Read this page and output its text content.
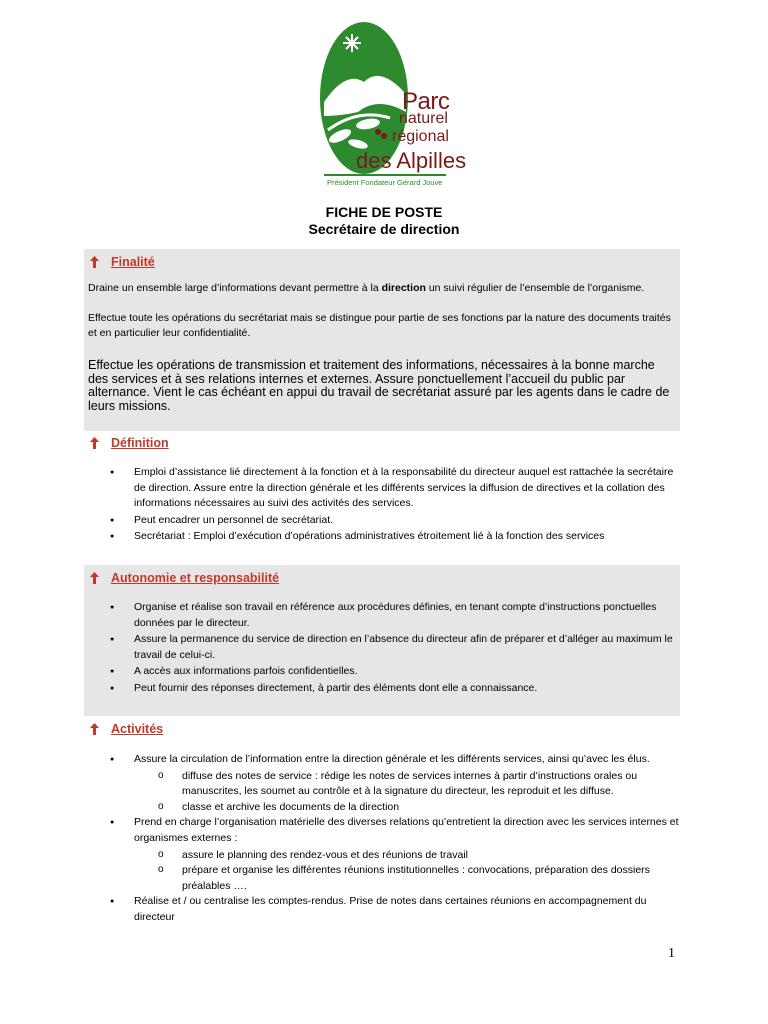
Parc
naturel
régional
des Alpilles
Président Fondateur Gérard Jouve
FICHE DE POSTE
Secrétaire de direction
Finalité
Draine un ensemble large d’informations devant permettre à la direction un suivi régulier de l’ensemble de l’organisme.
Effectue toute les opérations du secrétariat mais se distingue pour partie de ses fonctions par la nature des documents traités et en particulier leur confidentialité.
Effectue les opérations de transmission et traitement des informations, nécessaires à la bonne marche des services et à ses relations internes et externes. Assure ponctuellement l’accueil du public par alternance. Vient le cas échéant en appui du travail de secrétariat assuré par les agents dans le cadre de leurs missions.
Définition
● Emploi d’assistance lié directement à la fonction et à la responsabilité du directeur auquel est rattachée la secrétaire de direction. Assure entre la direction générale et les différents services la diffusion de directives et la collation des informations nécessaires au suivi des activités des services.
● Peut encadrer un personnel de secrétariat.
● Secrétariat : Emploi d’exécution d’opérations administratives étroitement lié à la fonction des services
Autonomie et responsabilité
● Organise et réalise son travail en référence aux procédures définies, en tenant compte d’instructions ponctuelles données par le directeur.
● Assure la permanence du service de direction en l’absence du directeur afin de préparer et d’alléger au maximum le travail de celui-ci.
● A accès aux informations parfois confidentielles.
● Peut fournir des réponses directement, à partir des éléments dont elle a connaissance.
Activités
● Assure la circulation de l’information entre la direction générale et les différents services, ainsi qu’avec les élus.
o diffuse des notes de service : rédige les notes de services internes à partir d’instructions orales ou manuscrites, les soumet au contrôle et à la signature du directeur, les reproduit et les diffuse.
o classe et archive les documents de la direction
● Prend en charge l’organisation matérielle des diverses relations qu’entretient la direction avec les services internes et organismes externes :
o assure le planning des rendez-vous et des réunions de travail
o prépare et organise les différentes réunions institutionnelles : convocations, préparation des dossiers préalables ….
● Réalise et / ou centralise les comptes-rendus. Prise de notes dans certaines réunions en accompagnement du directeur
1
